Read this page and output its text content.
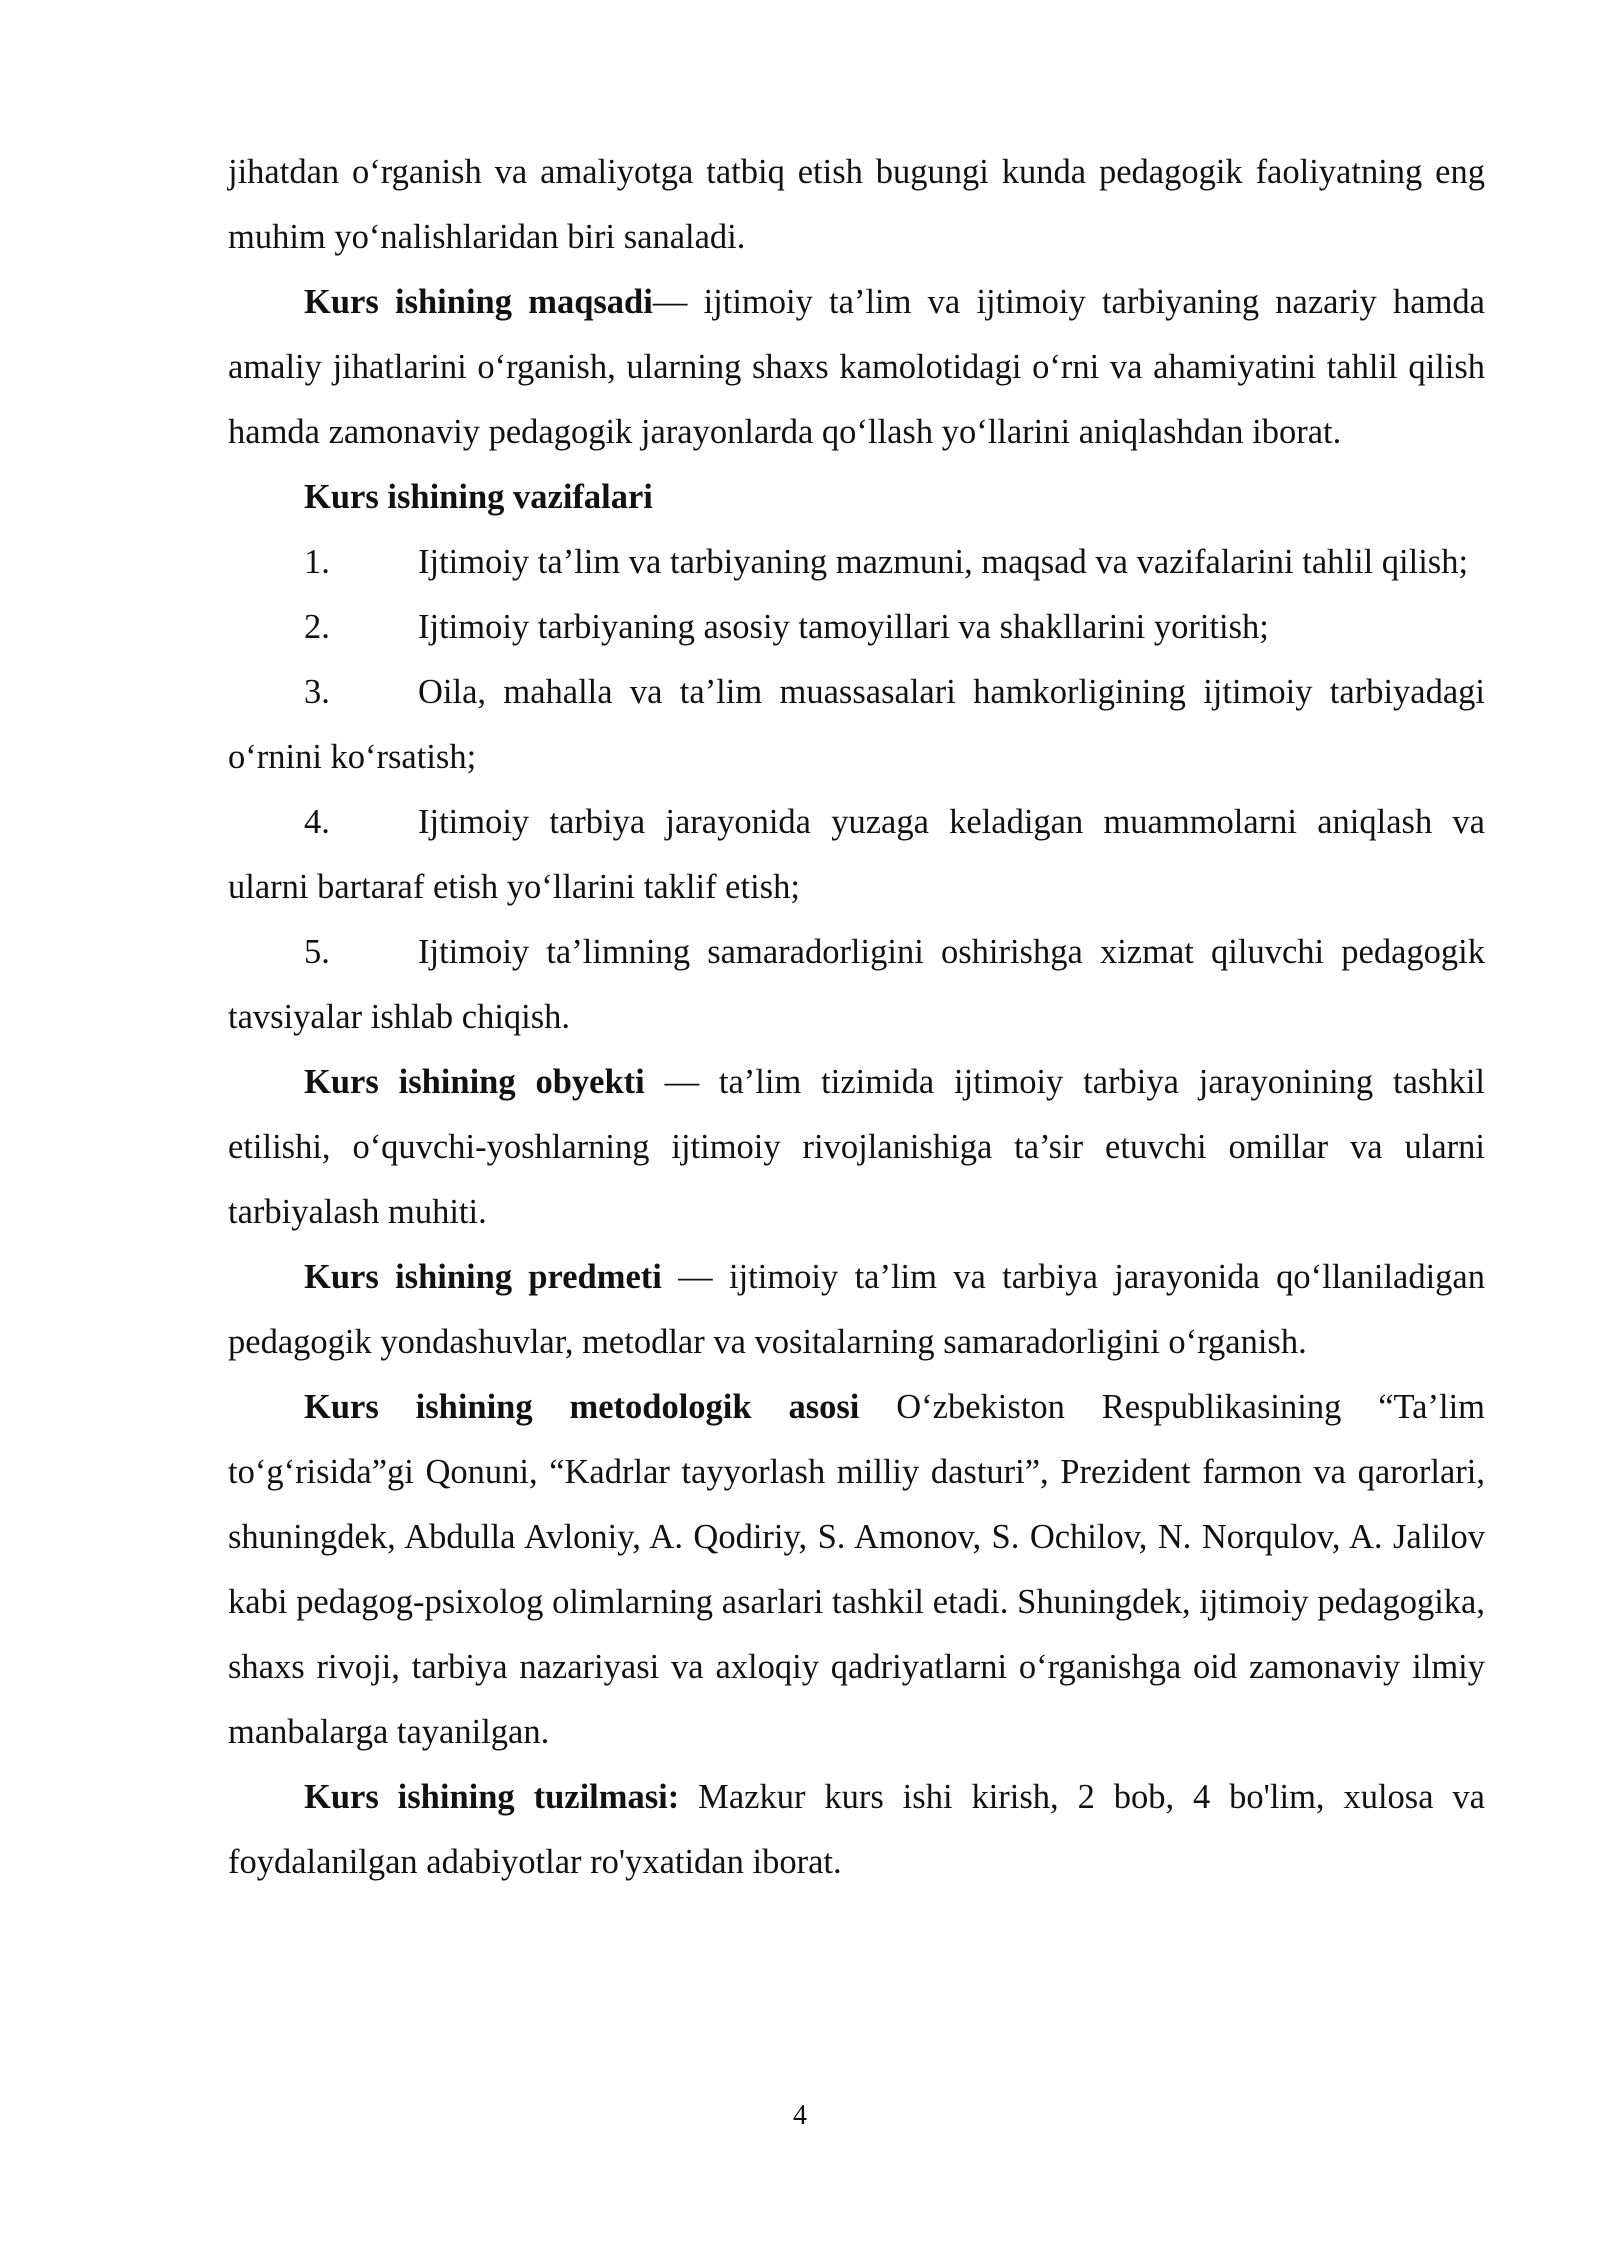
jihatdan o‘rganish va amaliyotga tatbiq etish bugungi kunda pedagogik faoliyatning eng muhim yo‘nalishlaridan biri sanaladi.

Kurs ishining maqsadi— ijtimoiy ta’lim va ijtimoiy tarbiyaning nazariy hamda amaliy jihatlarini o‘rganish, ularning shaxs kamolotidagi o‘rni va ahamiyatini tahlil qilish hamda zamonaviy pedagogik jarayonlarda qo‘llash yo‘llarini aniqlashdan iborat.

Kurs ishining vazifalari

1.	Ijtimoiy ta’lim va tarbiyaning mazmuni, maqsad va vazifalarini tahlil qilish;

2.	Ijtimoiy tarbiyaning asosiy tamoyillari va shakllarini yoritish;

3.	Oila, mahalla va ta’lim muassasalari hamkorligining ijtimoiy tarbiyadagi o‘rnini ko‘rsatish;

4.	Ijtimoiy tarbiya jarayonida yuzaga keladigan muammolarni aniqlash va ularni bartaraf etish yo‘llarini taklif etish;

5.	Ijtimoiy ta’limning samaradorligini oshirishga xizmat qiluvchi pedagogik tavsiyalar ishlab chiqish.

Kurs ishining obyekti — ta’lim tizimida ijtimoiy tarbiya jarayonining tashkil etilishi, o‘quvchi-yoshlarning ijtimoiy rivojlanishiga ta’sir etuvchi omillar va ularni tarbiyalash muhiti.

Kurs ishining predmeti — ijtimoiy ta’lim va tarbiya jarayonida qo‘llaniladigan pedagogik yondashuvlar, metodlar va vositalarning samaradorligini o‘rganish.

Kurs ishining metodologik asosi O‘zbekiston Respublikasining “Ta’lim to‘g‘risida”gi Qonuni, “Kadrlar tayyorlash milliy dasturi”, Prezident farmon va qarorlari, shuningdek, Abdulla Avloniy, A. Qodiriy, S. Amonov, S. Ochilov, N. Norqulov, A. Jalilov kabi pedagog-psixolog olimlarning asarlari tashkil etadi. Shuningdek, ijtimoiy pedagogika, shaxs rivoji, tarbiya nazariyasi va axloqiy qadriyatlarni o‘rganishga oid zamonaviy ilmiy manbalarga tayanilgan.

Kurs ishining tuzilmasi: Mazkur kurs ishi kirish, 2 bob, 4 bo'lim, xulosa va foydalanilgan adabiyotlar ro'yxatidan iborat.

4
